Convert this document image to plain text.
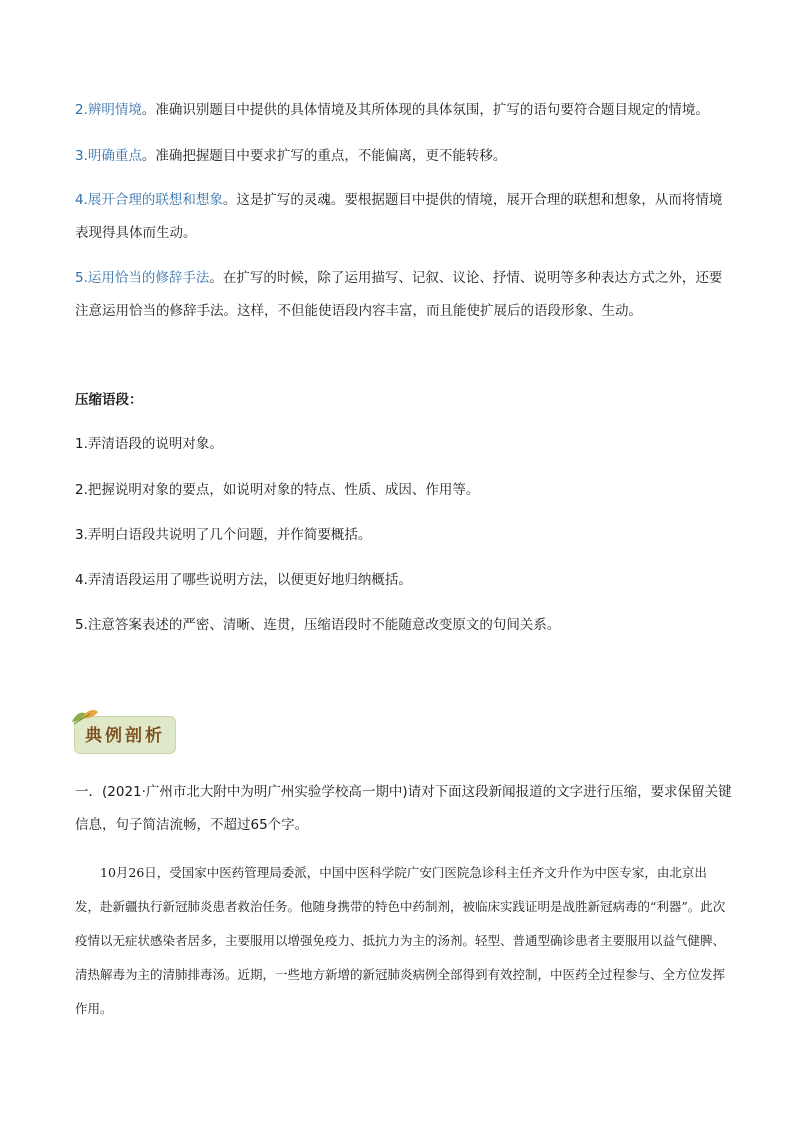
2.辨明情境。准确识别题目中提供的具体情境及其所体现的具体氛围，扩写的语句要符合题目规定的情境。

3.明确重点。准确把握题目中要求扩写的重点，不能偏离，更不能转移。

4.展开合理的联想和想象。这是扩写的灵魂。要根据题目中提供的情境，展开合理的联想和想象，从而将情境表现得具体而生动。

5.运用恰当的修辞手法。在扩写的时候，除了运用描写、记叙、议论、抒情、说明等多种表达方式之外，还要注意运用恰当的修辞手法。这样，不但能使语段内容丰富，而且能使扩展后的语段形象、生动。

压缩语段：

1.弄清语段的说明对象。

2.把握说明对象的要点，如说明对象的特点、性质、成因、作用等。

3.弄明白语段共说明了几个问题，并作简要概括。

4.弄清语段运用了哪些说明方法，以便更好地归纳概括。

5.注意答案表述的严密、清晰、连贯，压缩语段时不能随意改变原文的句间关系。

典例剖析

一．(2021·广州市北大附中为明广州实验学校高一期中)请对下面这段新闻报道的文字进行压缩，要求保留关键信息，句子简洁流畅，不超过65个字。

10月26日，受国家中医药管理局委派，中国中医科学院广安门医院急诊科主任齐文升作为中医专家，由北京出发，赴新疆执行新冠肺炎患者救治任务。他随身携带的特色中药制剂，被临床实践证明是战胜新冠病毒的“利器”。此次疫情以无症状感染者居多，主要服用以增强免疫力、抵抗力为主的汤剂。轻型、普通型确诊患者主要服用以益气健脾、清热解毒为主的清肺排毒汤。近期，一些地方新增的新冠肺炎病例全部得到有效控制，中医药全过程参与、全方位发挥作用。
